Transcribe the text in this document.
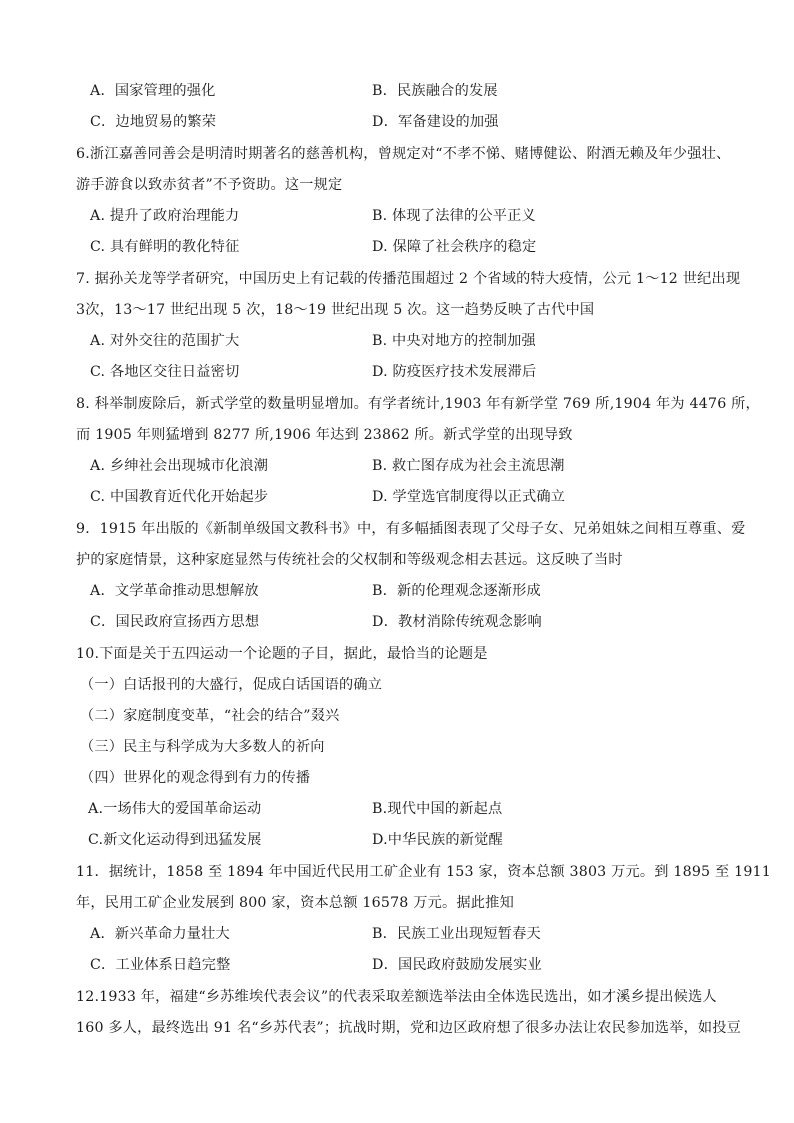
A．国家管理的强化	B．民族融合的发展
C．边地贸易的繁荣	D．军备建设的加强
6.浙江嘉善同善会是明清时期著名的慈善机构，曾规定对“不孝不悌、赌博健讼、附酒无赖及年少强壮、
游手游食以致赤贫者”不予资助。这一规定
A. 提升了政府治理能力	B. 体现了法律的公平正义
C. 具有鲜明的教化特征	D. 保障了社会秩序的稳定
7. 据孙关龙等学者研究，中国历史上有记载的传播范围超过 2 个省域的特大疫情，公元 1～12 世纪出现
3次，13～17 世纪出现 5 次，18～19 世纪出现 5 次。这一趋势反映了古代中国
A. 对外交往的范围扩大	B. 中央对地方的控制加强
C. 各地区交往日益密切	D. 防疫医疗技术发展滞后
8. 科举制废除后，新式学堂的数量明显增加。有学者统计,1903 年有新学堂 769 所,1904 年为 4476 所，
而 1905 年则猛增到 8277 所,1906 年达到 23862 所。新式学堂的出现导致
A. 乡绅社会出现城市化浪潮	B. 救亡图存成为社会主流思潮
C. 中国教育近代化开始起步	D. 学堂选官制度得以正式确立
9．1915 年出版的《新制单级国文教科书》中，有多幅插图表现了父母子女、兄弟姐妹之间相互尊重、爱
护的家庭情景，这种家庭显然与传统社会的父权制和等级观念相去甚远。这反映了当时
A．文学革命推动思想解放	B．新的伦理观念逐渐形成
C．国民政府宣扬西方思想	D．教材消除传统观念影响
10.下面是关于五四运动一个论题的子目，据此，最恰当的论题是
（一）白话报刊的大盛行，促成白话国语的确立
（二）家庭制度变革，“社会的结合”叕兴
（三）民主与科学成为大多数人的祈向
（四）世界化的观念得到有力的传播
A.一场伟大的爱国革命运动	B.现代中国的新起点
C.新文化运动得到迅猛发展	D.中华民族的新觉醒
11．据统计，1858 至 1894 年中国近代民用工矿企业有 153 家，资本总额 3803 万元。到 1895 至 1911
年，民用工矿企业发展到 800 家，资本总额 16578 万元。据此推知
A．新兴革命力量壮大	B．民族工业出现短暂春天
C．工业体系日趋完整	D．国民政府鼓励发展实业
12.1933 年，福建“乡苏维埃代表会议”的代表采取差额选举法由全体选民选出，如才溪乡提出候选人
160 多人，最终选出 91 名“乡苏代表”；抗战时期，党和边区政府想了很多办法让农民参加选举，如投豆
